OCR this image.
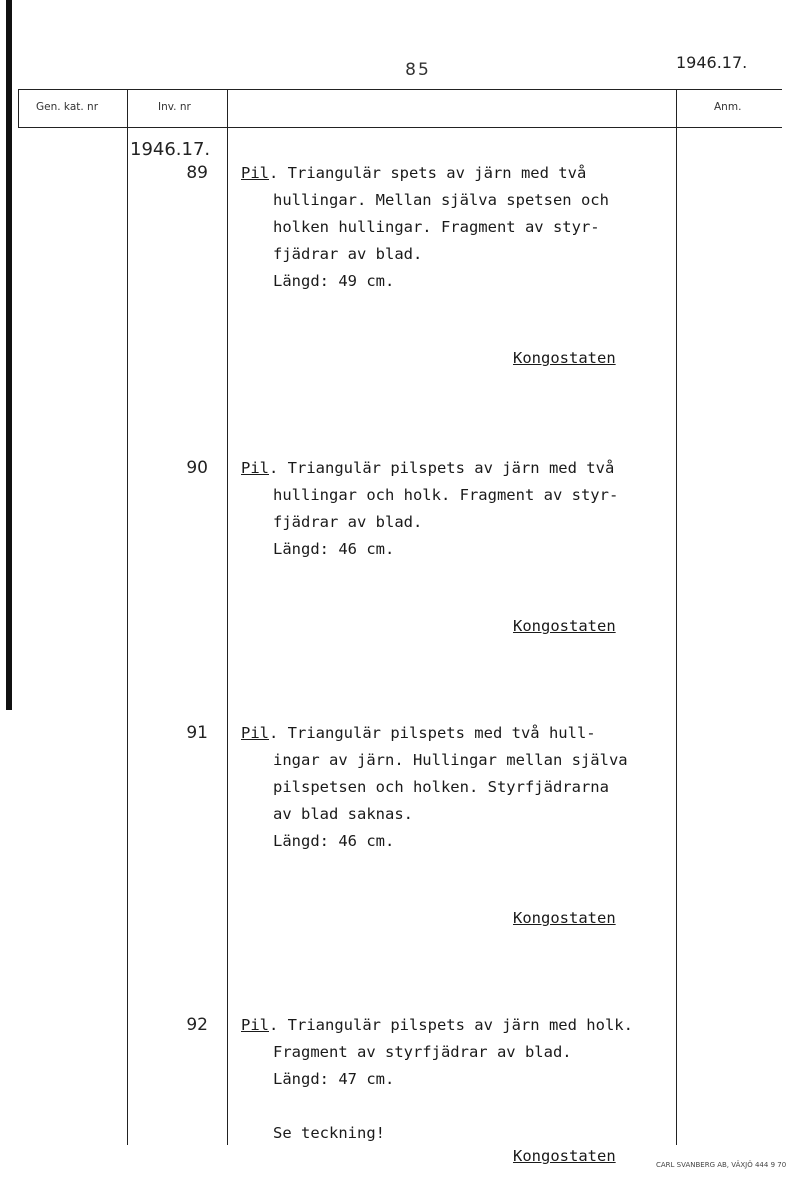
85	1946.17.
Gen. kat. nr	Inv. nr	Anm.
1946.17.
89 Pil. Triangulär spets av järn med två
hullingar. Mellan själva spetsen och
holken hullingar. Fragment av styr-
fjädrar av blad.
Längd: 49 cm.
Kongostaten
90 Pil. Triangulär pilspets av järn med två
hullingar och holk. Fragment av styr-
fjädrar av blad.
Längd: 46 cm.
Kongostaten
91 Pil. Triangulär pilspets med två hull-
ingar av järn. Hullingar mellan själva
pilspetsen och holken. Styrfjädrarna
av blad saknas.
Längd: 46 cm.
Kongostaten
92 Pil. Triangulär pilspets av järn med holk.
Fragment av styrfjädrar av blad.
Längd: 47 cm.

Se teckning!
Kongostaten	CARL SVANBERG AB, VÄXJÖ 444 9 70
